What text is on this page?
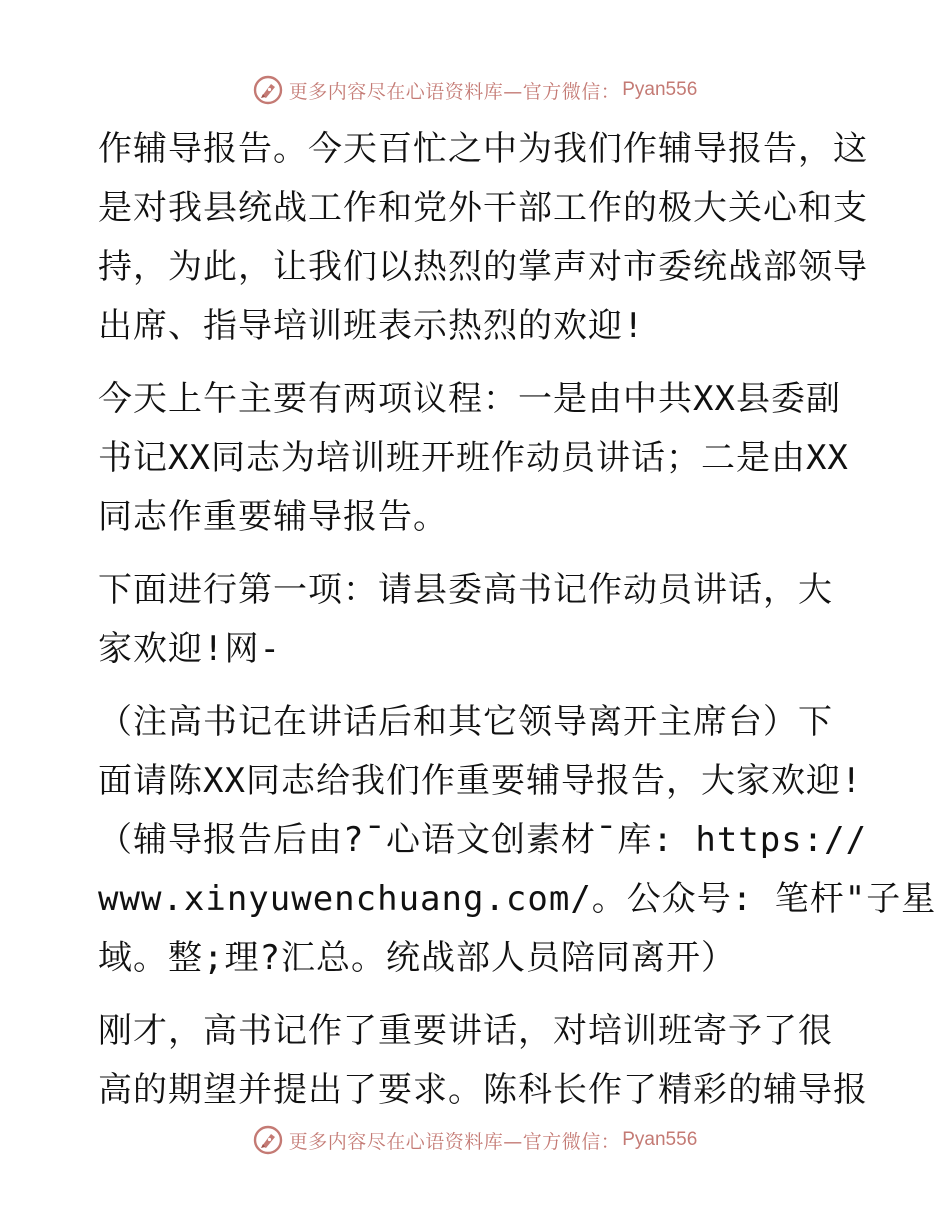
更多内容尽在心语资料库—官方微信： Pyan556

作辅导报告。今天百忙之中为我们作辅导报告，这
是对我县统战工作和党外干部工作的极大关心和支
持，为此，让我们以热烈的掌声对市委统战部领导
出席、指导培训班表示热烈的欢迎!

今天上午主要有两项议程：一是由中共XX县委副
书记XX同志为培训班开班作动员讲话；二是由XX
同志作重要辅导报告。

下面进行第一项：请县委高书记作动员讲话，大
家欢迎!网-

（注高书记在讲话后和其它领导离开主席台）下
面请陈XX同志给我们作重要辅导报告，大家欢迎!
（辅导报告后由?¯心语文创素材¯库: https://
www.xinyuwenchuang.com/。公众号: 笔杆"子星
域。整;理?汇总。统战部人员陪同离开）

刚才，高书记作了重要讲话，对培训班寄予了很
高的期望并提出了要求。陈科长作了精彩的辅导报

更多内容尽在心语资料库—官方微信： Pyan556
